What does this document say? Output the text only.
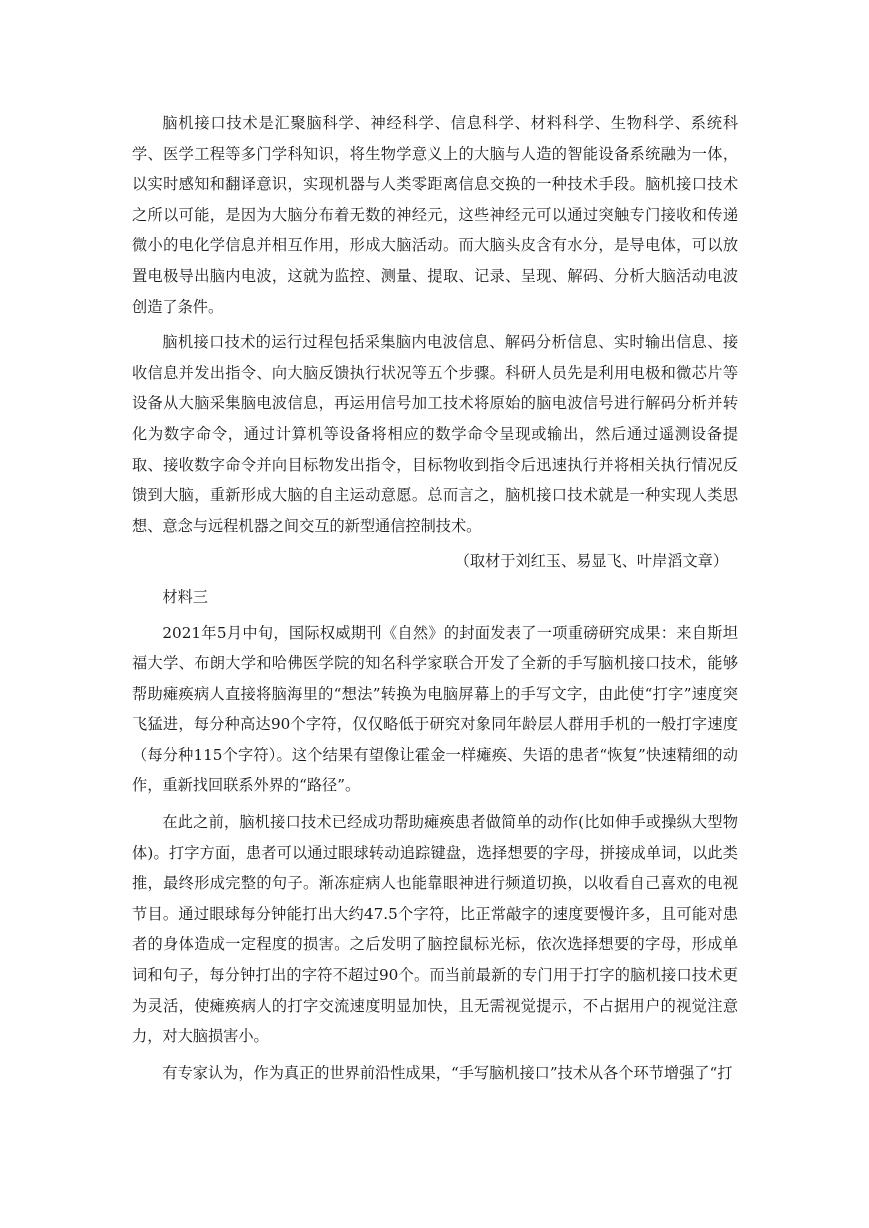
脑机接口技术是汇聚脑科学、神经科学、信息科学、材料科学、生物科学、系统科学、医学工程等多门学科知识，将生物学意义上的大脑与人造的智能设备系统融为一体，以实时感知和翻译意识，实现机器与人类零距离信息交换的一种技术手段。脑机接口技术之所以可能，是因为大脑分布着无数的神经元，这些神经元可以通过突触专门接收和传递微小的电化学信息并相互作用，形成大脑活动。而大脑头皮含有水分，是导电体，可以放置电极导出脑内电波，这就为监控、测量、提取、记录、呈现、解码、分析大脑活动电波创造了条件。

脑机接口技术的运行过程包括采集脑内电波信息、解码分析信息、实时输出信息、接收信息并发出指令、向大脑反馈执行状况等五个步骤。科研人员先是利用电极和微芯片等设备从大脑采集脑电波信息，再运用信号加工技术将原始的脑电波信号进行解码分析并转化为数字命令，通过计算机等设备将相应的数学命令呈现或输出，然后通过遥测设备提取、接收数字命令并向目标物发出指令，目标物收到指令后迅速执行并将相关执行情况反馈到大脑，重新形成大脑的自主运动意愿。总而言之，脑机接口技术就是一种实现人类思想、意念与远程机器之间交互的新型通信控制技术。

（取材于刘红玉、易显飞、叶岸滔文章）

材料三

2021年5月中旬，国际权威期刊《自然》的封面发表了一项重磅研究成果：来自斯坦福大学、布朗大学和哈佛医学院的知名科学家联合开发了全新的手写脑机接口技术，能够帮助瘫痪病人直接将脑海里的“想法”转换为电脑屏幕上的手写文字，由此使“打字”速度突飞猛进，每分种高达90个字符，仅仅略低于研究对象同年龄层人群用手机的一般打字速度（每分种115个字符）。这个结果有望像让霍金一样瘫痪、失语的患者“恢复”快速精细的动作，重新找回联系外界的“路径”。

在此之前，脑机接口技术已经成功帮助瘫痪患者做简单的动作(比如伸手或操纵大型物体)。打字方面，患者可以通过眼球转动追踪键盘，选择想要的字母，拼接成单词，以此类推，最终形成完整的句子。渐冻症病人也能靠眼神进行频道切换，以收看自己喜欢的电视节目。通过眼球每分钟能打出大约47.5个字符，比正常敲字的速度要慢许多，且可能对患者的身体造成一定程度的损害。之后发明了脑控鼠标光标，依次选择想要的字母，形成单词和句子，每分钟打出的字符不超过90个。而当前最新的专门用于打字的脑机接口技术更为灵活，使瘫痪病人的打字交流速度明显加快，且无需视觉提示，不占据用户的视觉注意力，对大脑损害小。

有专家认为，作为真正的世界前沿性成果，“手写脑机接口”技术从各个环节增强了“打
